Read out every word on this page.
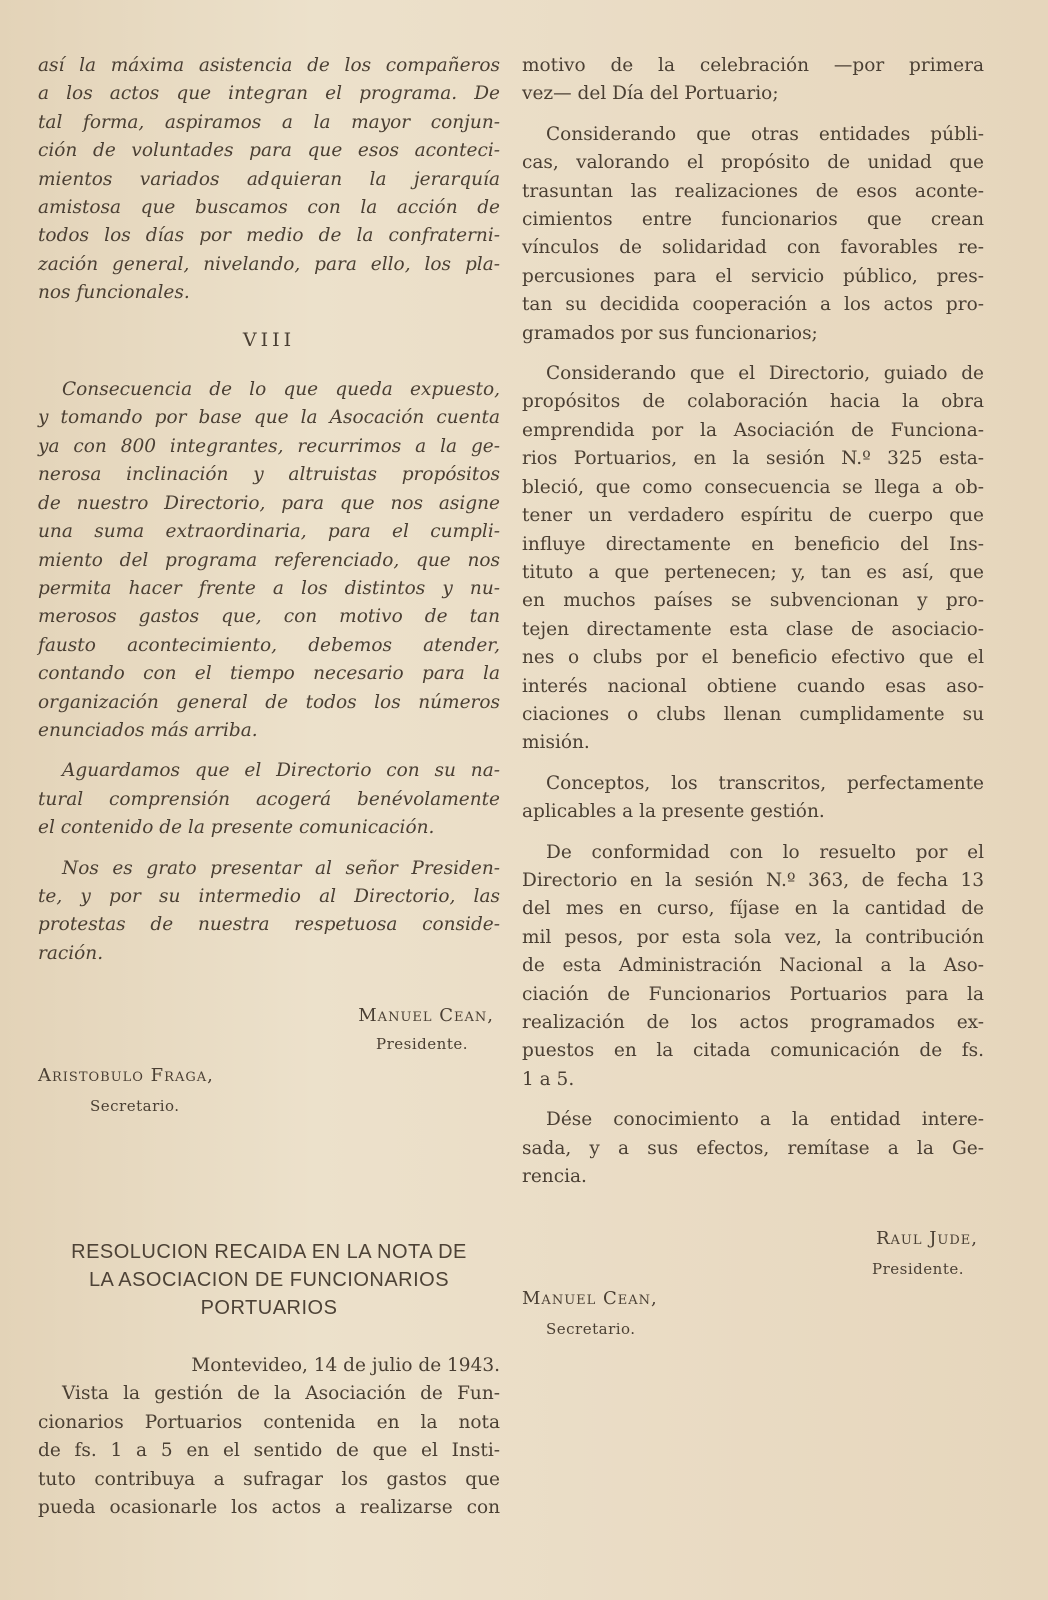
así la máxima asistencia de los compañeros
a los actos que integran el programa. De
tal forma, aspiramos a la mayor conjun-
ción de voluntades para que esos aconteci-
mientos variados adquieran la jerarquía
amistosa que buscamos con la acción de
todos los días por medio de la confraterni-
zación general, nivelando, para ello, los pla-
nos funcionales.
VIII
Consecuencia de lo que queda expuesto,
y tomando por base que la Asocación cuenta
ya con 800 integrantes, recurrimos a la ge-
nerosa inclinación y altruistas propósitos
de nuestro Directorio, para que nos asigne
una suma extraordinaria, para el cumpli-
miento del programa referenciado, que nos
permita hacer frente a los distintos y nu-
merosos gastos que, con motivo de tan
fausto acontecimiento, debemos atender,
contando con el tiempo necesario para la
organización general de todos los números
enunciados más arriba.
Aguardamos que el Directorio con su na-
tural comprensión acogerá benévolamente
el contenido de la presente comunicación.
Nos es grato presentar al señor Presiden-
te, y por su intermedio al Directorio, las
protestas de nuestra respetuosa conside-
ración.
Manuel Cean,
Presidente.
Aristobulo Fraga,
Secretario.
RESOLUCION RECAIDA EN LA NOTA DE
LA ASOCIACION DE FUNCIONARIOS
PORTUARIOS
Montevideo, 14 de julio de 1943.
Vista la gestión de la Asociación de Fun-
cionarios Portuarios contenida en la nota
de fs. 1 a 5 en el sentido de que el Insti-
tuto contribuya a sufragar los gastos que
pueda ocasionarle los actos a realizarse con
motivo de la celebración —por primera
vez— del Día del Portuario;
Considerando que otras entidades públi-
cas, valorando el propósito de unidad que
trasuntan las realizaciones de esos aconte-
cimientos entre funcionarios que crean
vínculos de solidaridad con favorables re-
percusiones para el servicio público, pres-
tan su decidida cooperación a los actos pro-
gramados por sus funcionarios;
Considerando que el Directorio, guiado de
propósitos de colaboración hacia la obra
emprendida por la Asociación de Funciona-
rios Portuarios, en la sesión N.º 325 esta-
bleció, que como consecuencia se llega a ob-
tener un verdadero espíritu de cuerpo que
influye directamente en beneficio del Ins-
tituto a que pertenecen; y, tan es así, que
en muchos países se subvencionan y pro-
tejen directamente esta clase de asociacio-
nes o clubs por el beneficio efectivo que el
interés nacional obtiene cuando esas aso-
ciaciones o clubs llenan cumplidamente su
misión.
Conceptos, los transcritos, perfectamente
aplicables a la presente gestión.
De conformidad con lo resuelto por el
Directorio en la sesión N.º 363, de fecha 13
del mes en curso, fíjase en la cantidad de
mil pesos, por esta sola vez, la contribución
de esta Administración Nacional a la Aso-
ciación de Funcionarios Portuarios para la
realización de los actos programados ex-
puestos en la citada comunicación de fs.
1 a 5.
Dése conocimiento a la entidad intere-
sada, y a sus efectos, remítase a la Ge-
rencia.
Raul Jude,
Presidente.
Manuel Cean,
Secretario.
